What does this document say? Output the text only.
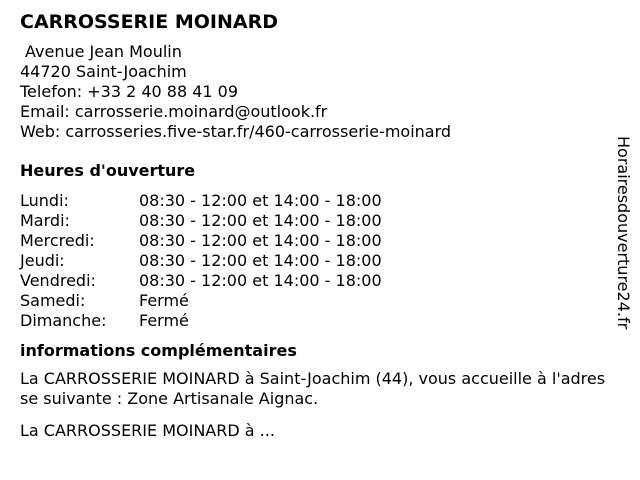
CARROSSERIE MOINARD
Avenue Jean Moulin
44720 Saint-Joachim
Telefon: +33 2 40 88 41 09
Email: carrosserie.moinard@outlook.fr
Web: carrosseries.five-star.fr/460-carrosserie-moinard
Heures d'ouverture
Lundi:	08:30 - 12:00 et 14:00 - 18:00
Mardi:	08:30 - 12:00 et 14:00 - 18:00
Mercredi:	08:30 - 12:00 et 14:00 - 18:00
Jeudi:	08:30 - 12:00 et 14:00 - 18:00
Vendredi:	08:30 - 12:00 et 14:00 - 18:00
Samedi:	Fermé
Dimanche:	Fermé
informations complémentaires

La CARROSSERIE MOINARD à Saint-Joachim (44), vous accueille à l'adresse suivante : Zone Artisanale Aignac.

La CARROSSERIE MOINARD à ...

Horairesdouverture24.fr
